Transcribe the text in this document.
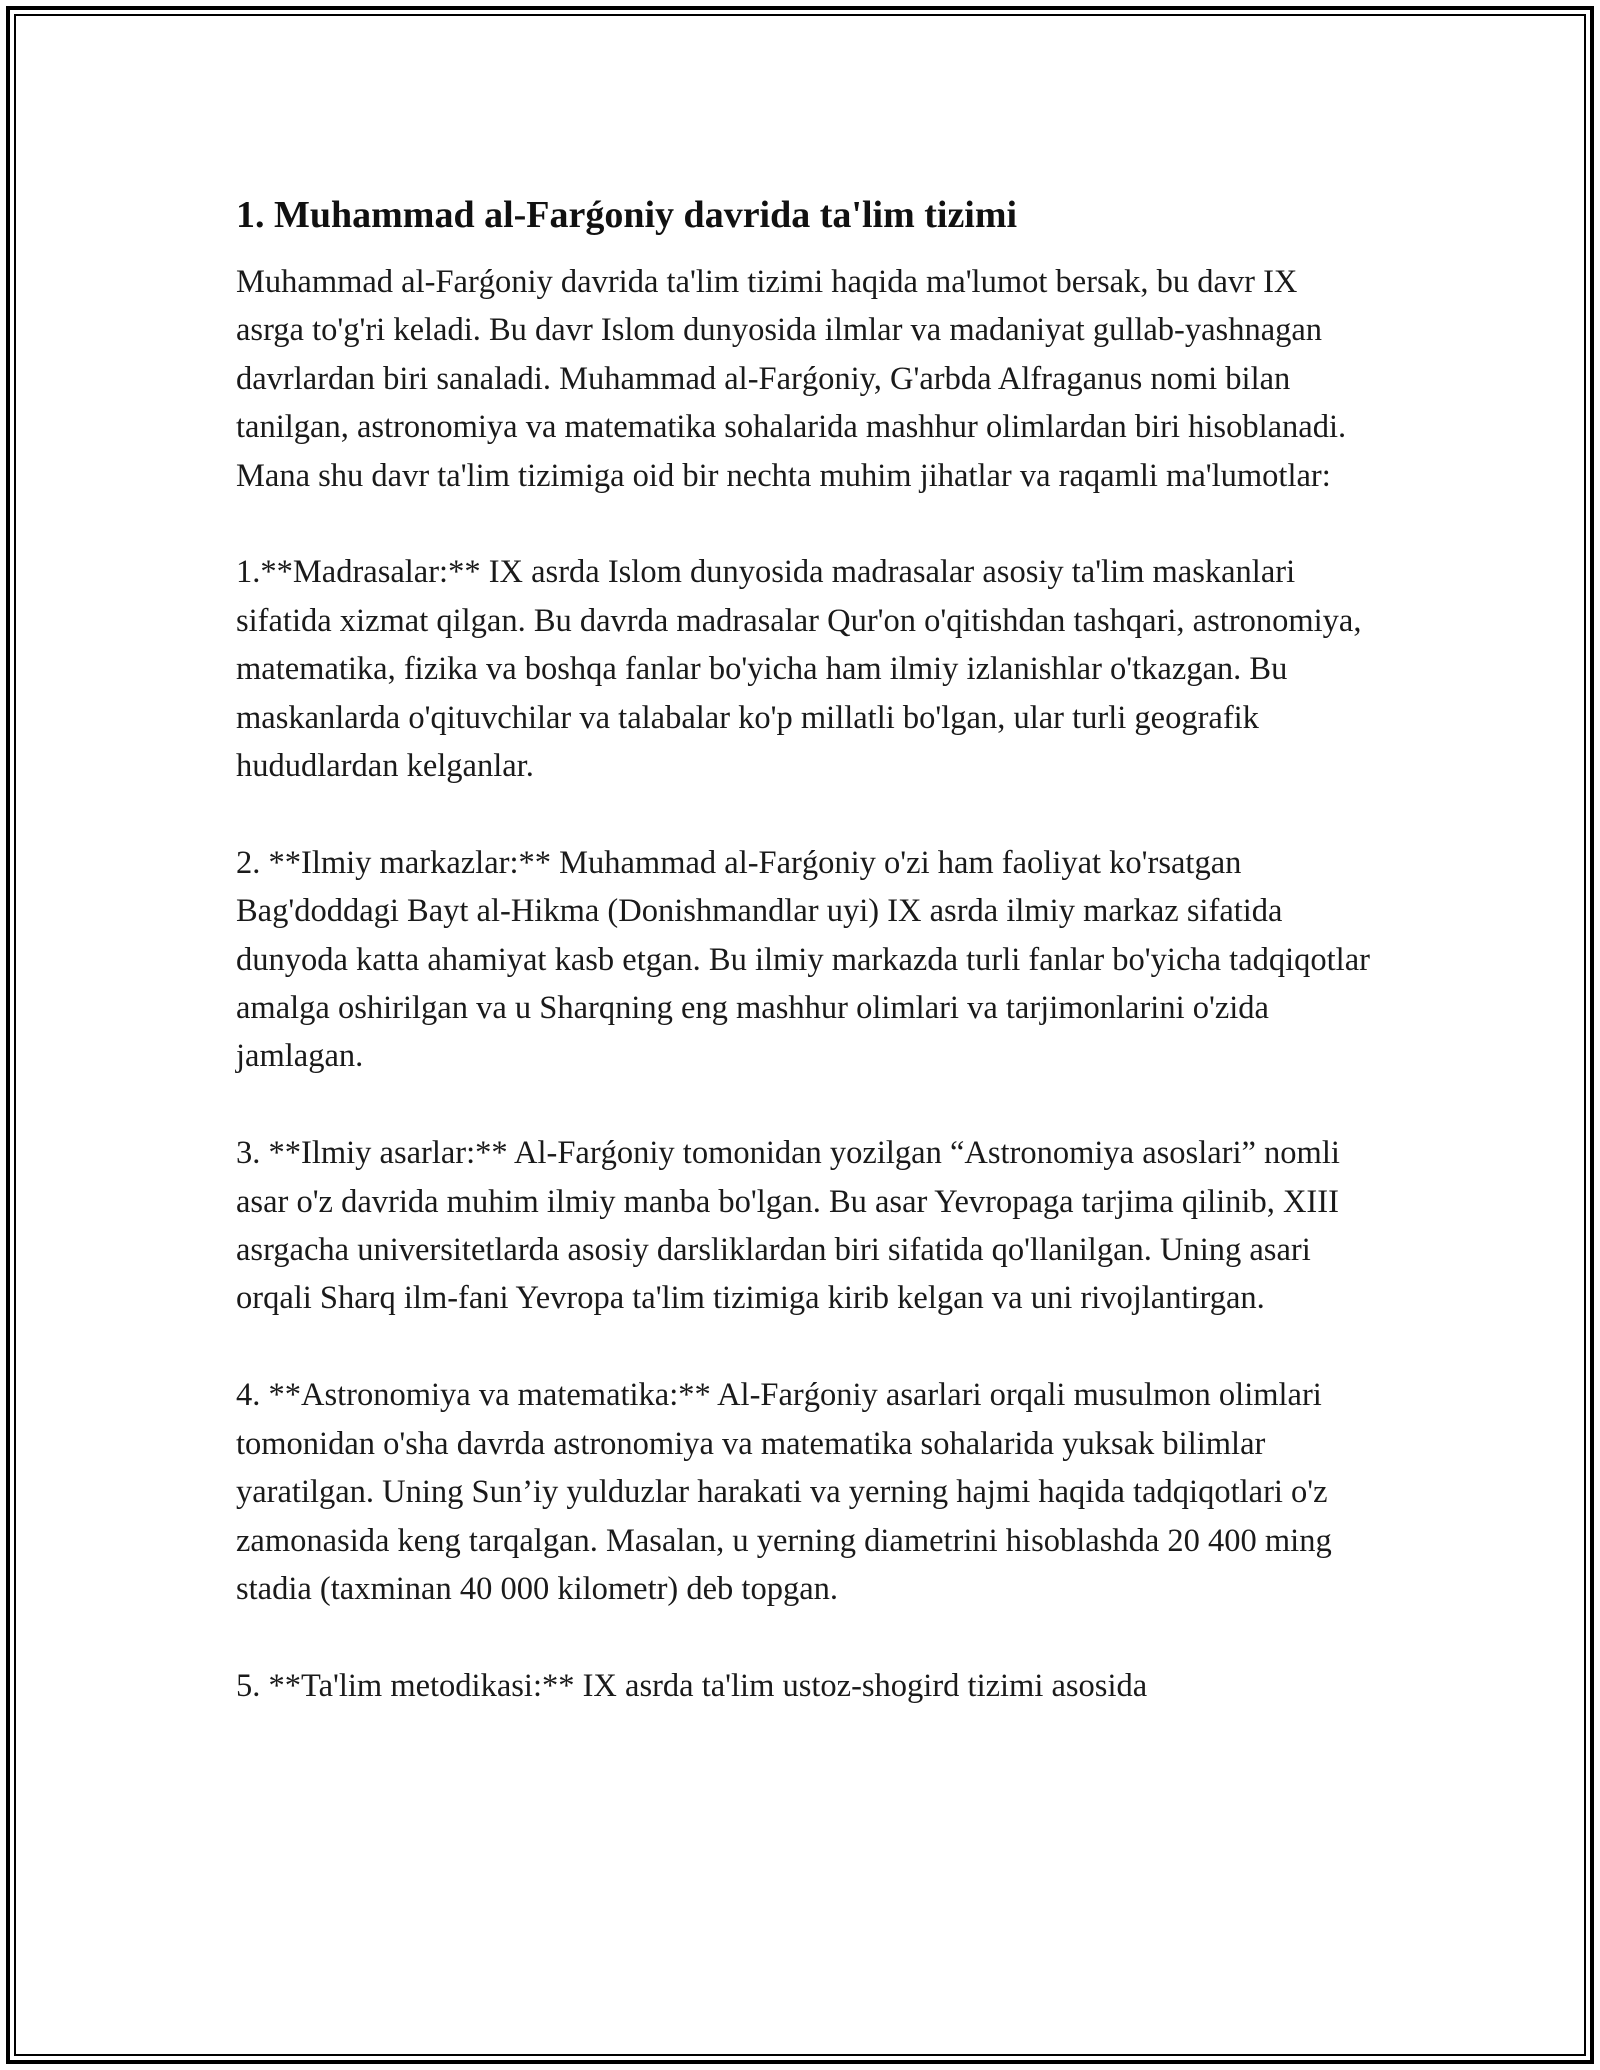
1. Muhammad al-Farǵoniy davrida ta'lim tizimi

Muhammad al-Farǵoniy davrida ta'lim tizimi haqida ma'lumot bersak, bu davr IX asrga to'g'ri keladi. Bu davr Islom dunyosida ilmlar va madaniyat gullab-yashnagan davrlardan biri sanaladi. Muhammad al-Farǵoniy, G'arbda Alfraganus nomi bilan tanilgan, astronomiya va matematika sohalarida mashhur olimlardan biri hisoblanadi. Mana shu davr ta'lim tizimiga oid bir nechta muhim jihatlar va raqamli ma'lumotlar:

1.**Madrasalar:** IX asrda Islom dunyosida madrasalar asosiy ta'lim maskanlari sifatida xizmat qilgan. Bu davrda madrasalar Qur'on o'qitishdan tashqari, astronomiya, matematika, fizika va boshqa fanlar bo'yicha ham ilmiy izlanishlar o'tkazgan. Bu maskanlarda o'qituvchilar va talabalar ko'p millatli bo'lgan, ular turli geografik hududlardan kelganlar.

2. **Ilmiy markazlar:** Muhammad al-Farǵoniy o'zi ham faoliyat ko'rsatgan Bag'doddagi Bayt al-Hikma (Donishmandlar uyi) IX asrda ilmiy markaz sifatida dunyoda katta ahamiyat kasb etgan. Bu ilmiy markazda turli fanlar bo'yicha tadqiqotlar amalga oshirilgan va u Sharqning eng mashhur olimlari va tarjimonlarini o'zida jamlagan.

3. **Ilmiy asarlar:** Al-Farǵoniy tomonidan yozilgan “Astronomiya asoslari” nomli asar o'z davrida muhim ilmiy manba bo'lgan. Bu asar Yevropaga tarjima qilinib, XIII asrgacha universitetlarda asosiy darsliklardan biri sifatida qo'llanilgan. Uning asari orqali Sharq ilm-fani Yevropa ta'lim tizimiga kirib kelgan va uni rivojlantirgan.

4. **Astronomiya va matematika:** Al-Farǵoniy asarlari orqali musulmon olimlari tomonidan o'sha davrda astronomiya va matematika sohalarida yuksak bilimlar yaratilgan. Uning Sun’iy yulduzlar harakati va yerning hajmi haqida tadqiqotlari o'z zamonasida keng tarqalgan. Masalan, u yerning diametrini hisoblashda 20 400 ming stadia (taxminan 40 000 kilometr) deb topgan.

5. **Ta'lim metodikasi:** IX asrda ta'lim ustoz-shogird tizimi asosida
